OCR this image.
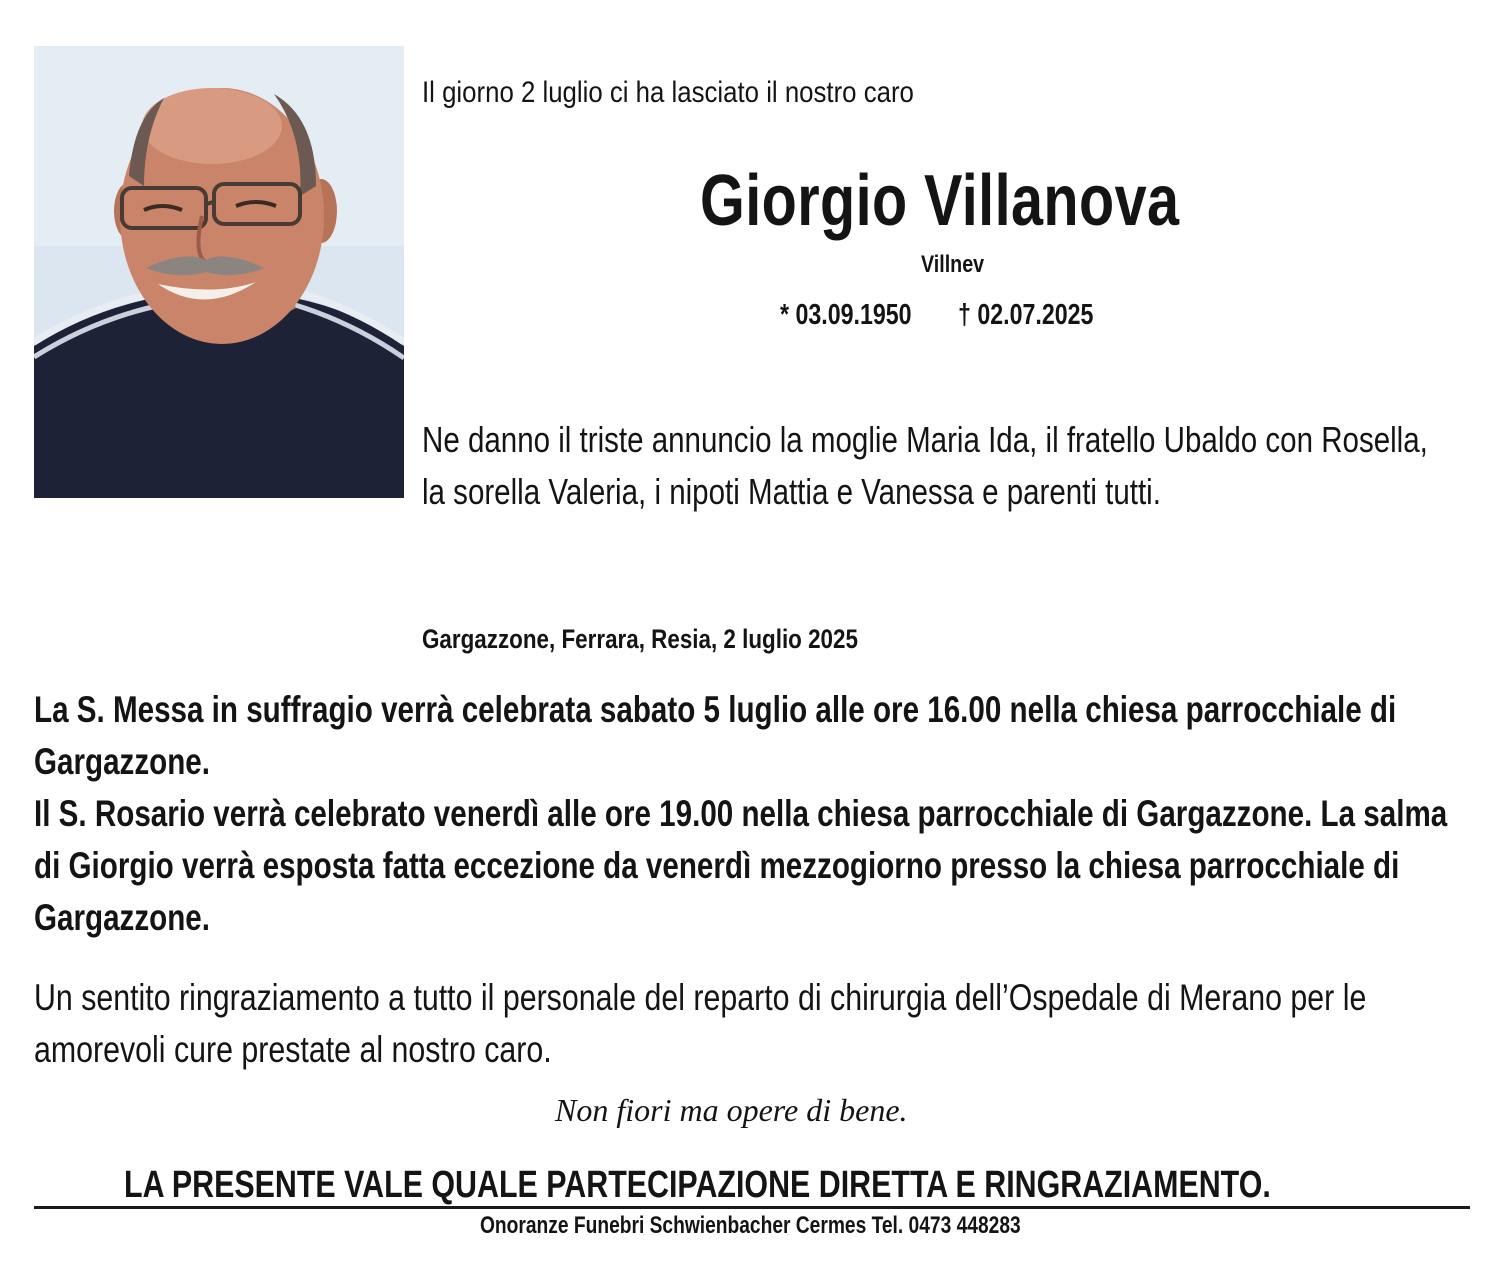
Il giorno 2 luglio ci ha lasciato il nostro caro
Giorgio Villanova
Villnev
* 03.09.1950 † 02.07.2025
Ne danno il triste annuncio la moglie Maria Ida, il fratello Ubaldo con Rosella, la sorella Valeria, i nipoti Mattia e Vanessa e parenti tutti.
Gargazzone, Ferrara, Resia, 2 luglio 2025

La S. Messa in suffragio verrà celebrata sabato 5 luglio alle ore 16.00 nella chiesa parrocchiale di Gargazzone.

Il S. Rosario verrà celebrato venerdì alle ore 19.00 nella chiesa parrocchiale di Gargazzone. La salma di Giorgio verrà esposta fatta eccezione da venerdì mezzogiorno presso la chiesa parrocchiale di Gargazzone.

Un sentito ringraziamento a tutto il personale del reparto di chirurgia dell’Ospedale di Merano per le amorevoli cure prestate al nostro caro.
Non fiori ma opere di bene.
LA PRESENTE VALE QUALE PARTECIPAZIONE DIRETTA E RINGRAZIAMENTO.
Onoranze Funebri Schwienbacher Cermes Tel. 0473 448283
